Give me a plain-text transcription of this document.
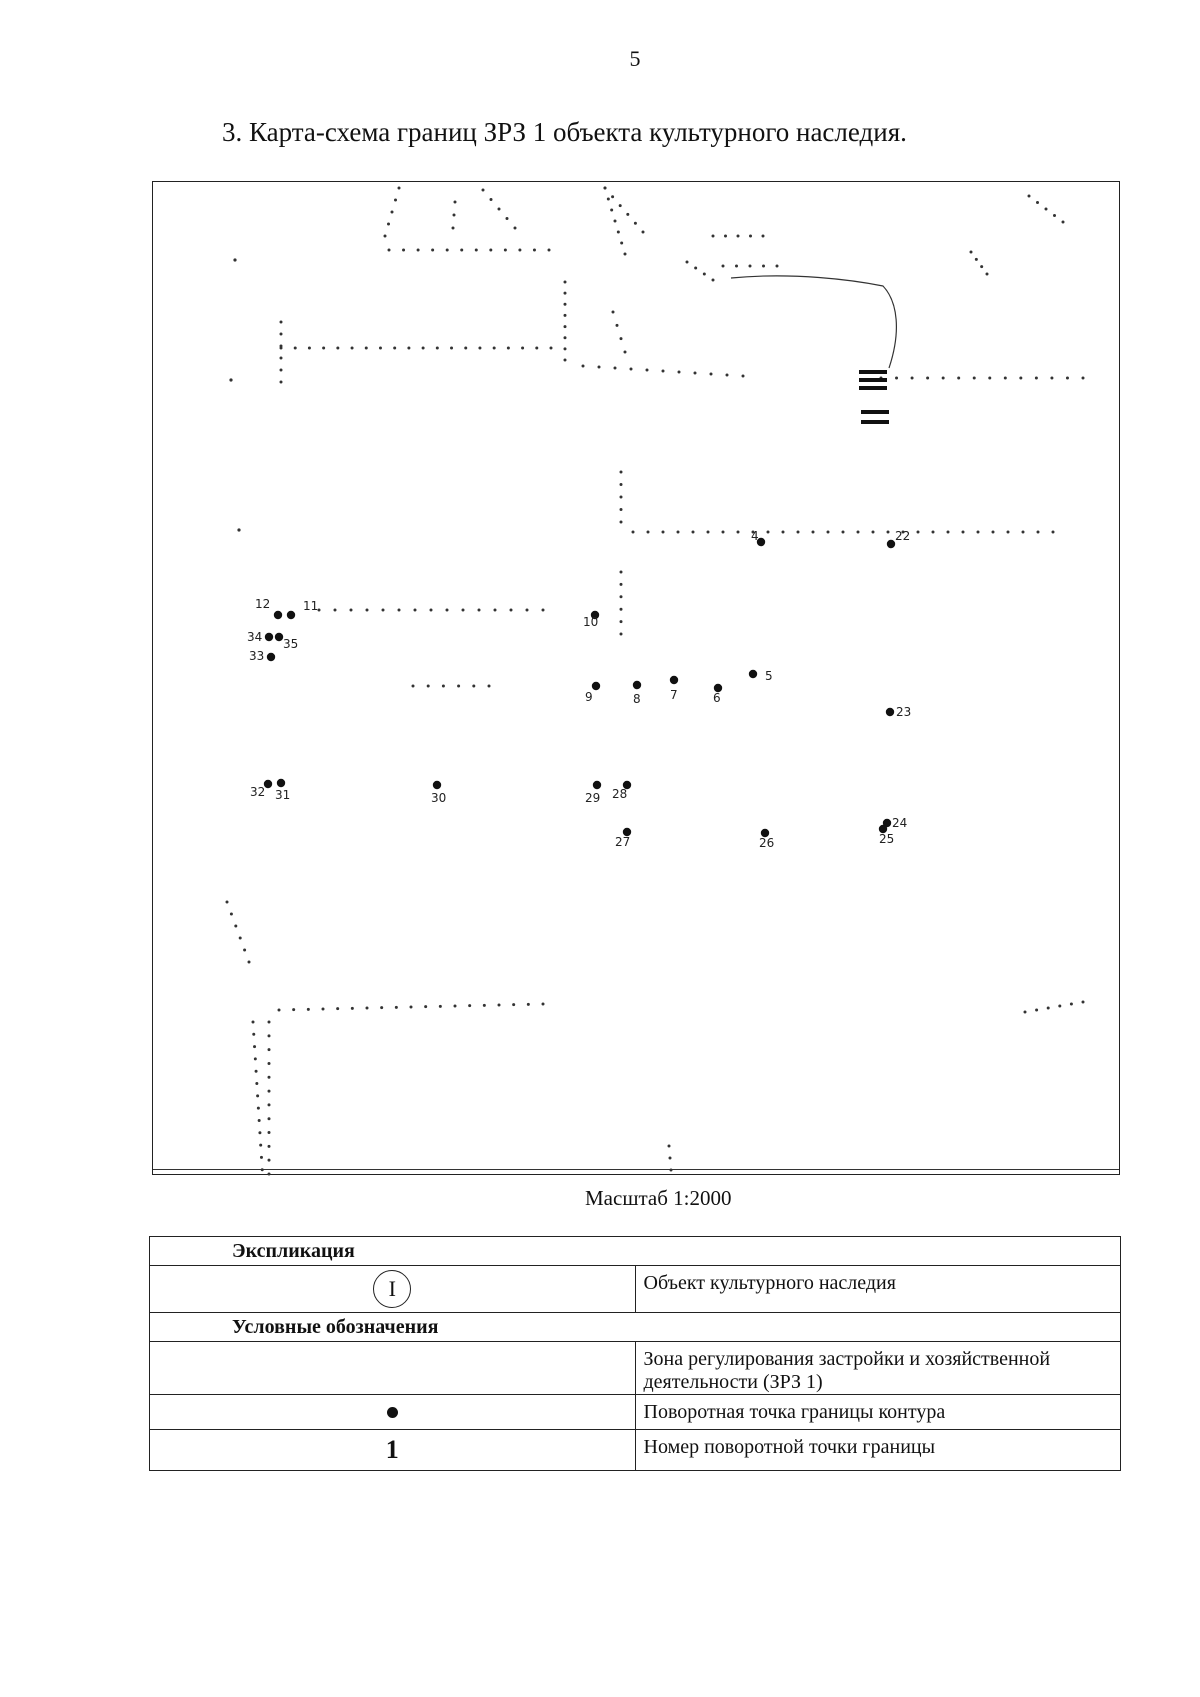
5
3. Карта-схема границ ЗРЗ 1 объекта культурного наследия.
4
5
6
7
8
9
10
11
12
22
23
24
25
26
27
28
29
30
31
32
33
34 35
Масштаб 1:2000
Экспликация	
I	Объект культурного наследия

Условные обозначения	

	Зона регулирования застройки и хозяйственной деятельности (ЗРЗ 1)

	Поворотная точка границы контура

1	Номер поворотной точки границы
